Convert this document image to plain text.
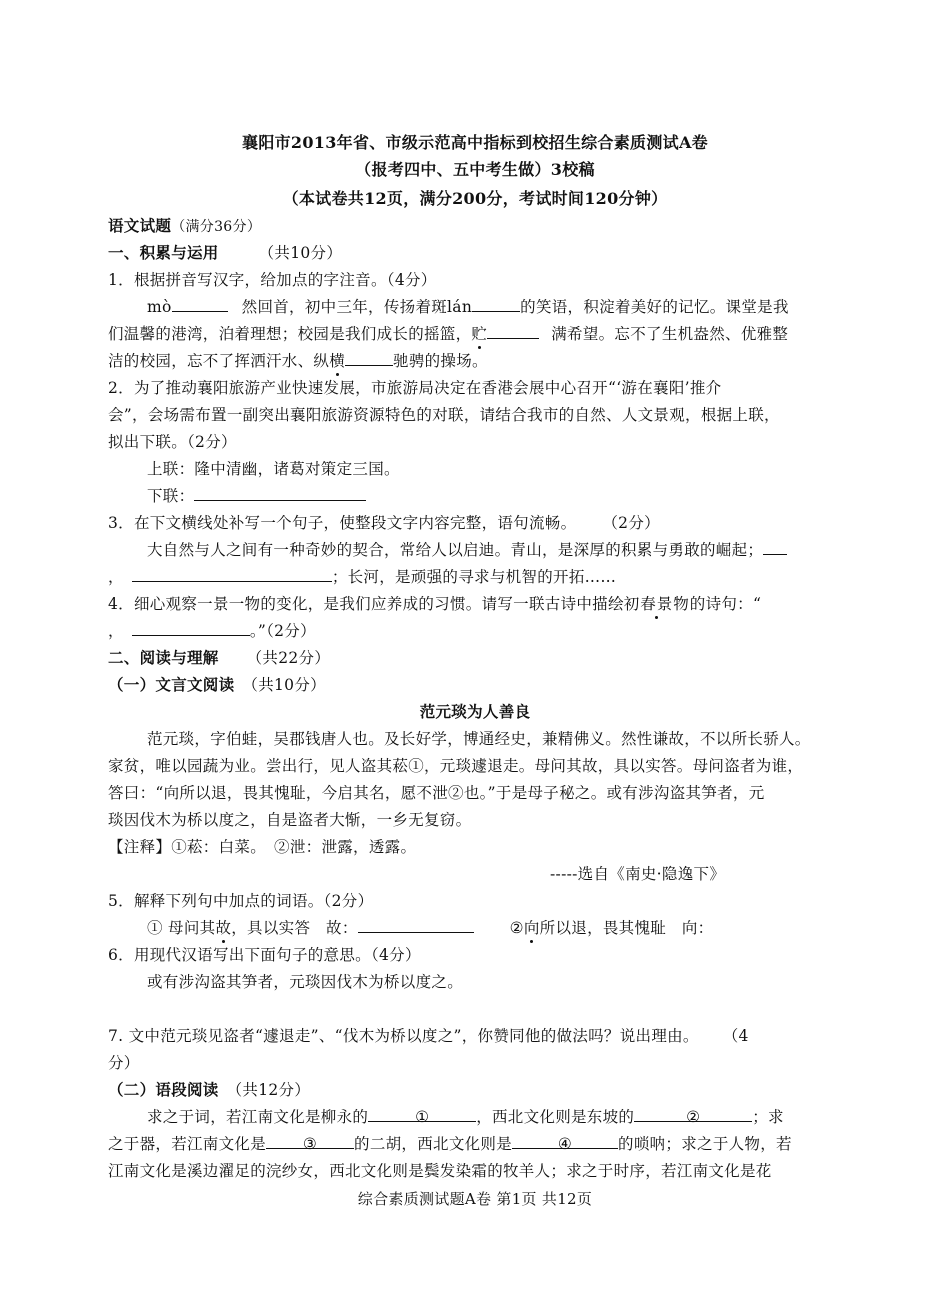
襄阳市2013年省、市级示范高中指标到校招生综合素质测试A卷
（报考四中、五中考生做）3校稿
（本试卷共12页，满分200分，考试时间120分钟）
语文试题（满分36分）
一、积累与运用	（共10分）
1．根据拼音写汉字，给加点的字注音。（4分）
mò	然回首，初中三年，传扬着斑lán	的笑语，积淀着美好的记忆。课堂是我
们温馨的港湾，泊着理想；校园是我们成长的摇篮，贮	满希望。忘不了生机盎然、优雅整
洁的校园，忘不了挥洒汗水、纵横	驰骋的操场。
2．为了推动襄阳旅游产业快速发展，市旅游局决定在香港会展中心召开“‘游在襄阳’推介
会”，会场需布置一副突出襄阳旅游资源特色的对联，请结合我市的自然、人文景观，根据上联，
拟出下联。（2分）
上联：隆中清幽，诸葛对策定三国。
下联：
3．在下文横线处补写一个句子，使整段文字内容完整，语句流畅。 （2分）
大自然与人之间有一种奇妙的契合，常给人以启迪。青山，是深厚的积累与勇敢的崛起；
，	；长河，是顽强的寻求与机智的开拓……
4．细心观察一景一物的变化，是我们应养成的习惯。请写一联古诗中描绘初春景物的诗句：“
，	。”（2分）
二、阅读与理解 （共22分）
（一）文言文阅读 （共10分）
范元琰为人善良
范元琰，字伯蛙，吴郡钱唐人也。及长好学，博通经史，兼精佛义。然性谦故，不以所长骄人。
家贫，唯以园蔬为业。尝出行，见人盗其菘①，元琰遽退走。母问其故，具以实答。母问盗者为谁，
答曰：“向所以退，畏其愧耻，今启其名，愿不泄②也。”于是母子秘之。或有涉沟盗其笋者，元
琰因伐木为桥以度之，自是盗者大惭，一乡无复窃。
【注释】①菘：白菜。　②泄：泄露，透露。
-----选自《南史·隐逸下》
5．解释下列句中加点的词语。（2分）
① 母问其故，具以实答　故：	②向所以退，畏其愧耻　向：
6．用现代汉语写出下面句子的意思。（4分）
或有涉沟盗其笋者，元琰因伐木为桥以度之。
7. 文中范元琰见盗者“遽退走”、“伐木为桥以度之”，你赞同他的做法吗？说出理由。 （4
分）
（二）语段阅读 （共12分）
求之于词，若江南文化是柳永的	①	，西北文化则是东坡的	②	；求
之于器，若江南文化是 ③ 的二胡，西北文化则是	④	的唢呐；求之于人物，若
江南文化是溪边濯足的浣纱女，西北文化则是鬓发染霜的牧羊人；求之于时序，若江南文化是花
综合素质测试题A卷 第1页 共12页
